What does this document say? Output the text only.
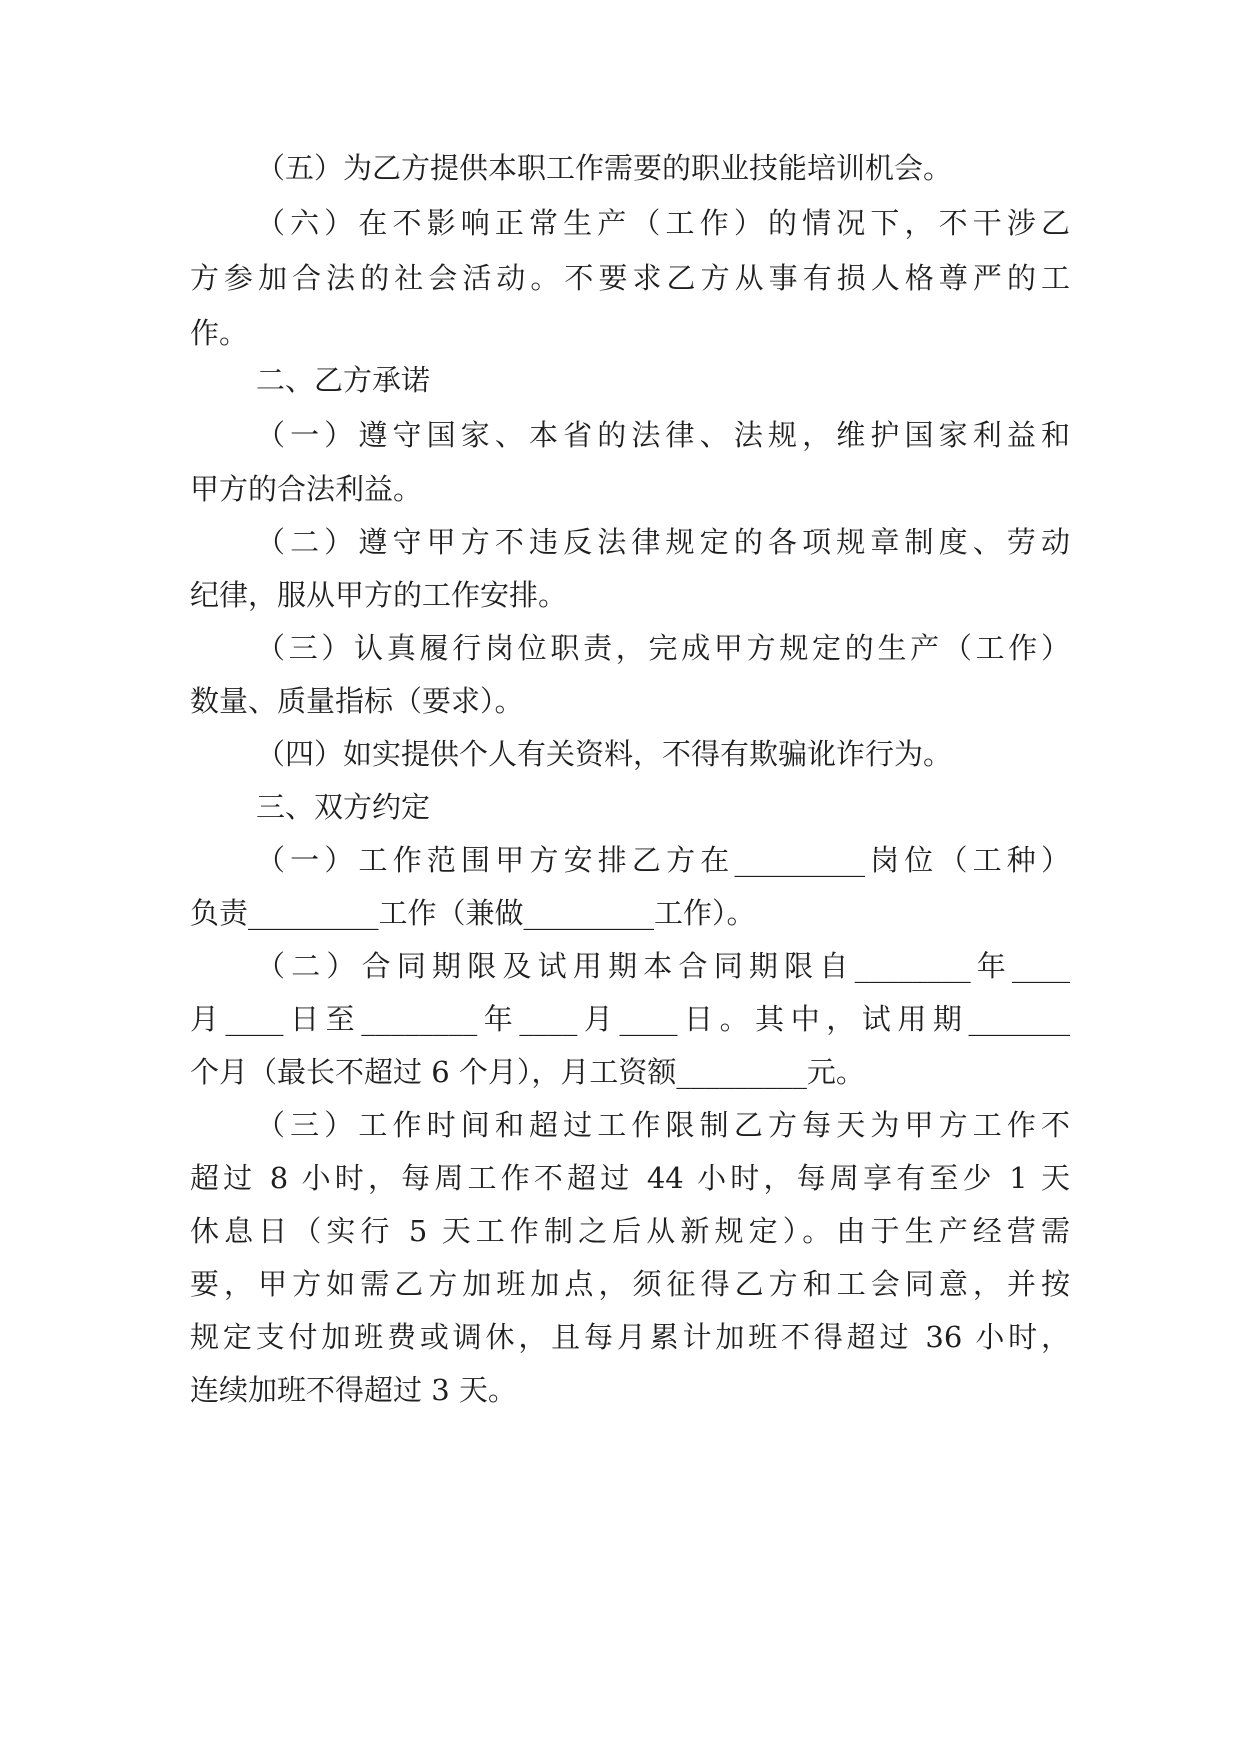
（五）为乙方提供本职工作需要的职业技能培训机会。
（六）在不影响正常生产（工作）的情况下，不干涉乙
方参加合法的社会活动。不要求乙方从事有损人格尊严的工
作。
二、乙方承诺
（一）遵守国家、本省的法律、法规，维护国家利益和
甲方的合法利益。
（二）遵守甲方不违反法律规定的各项规章制度、劳动
纪律，服从甲方的工作安排。
（三）认真履行岗位职责，完成甲方规定的生产（工作）
数量、质量指标（要求）。
（四）如实提供个人有关资料，不得有欺骗讹诈行为。
三、双方约定
（一）工作范围甲方安排乙方在_________岗位（工种）
负责_________工作（兼做_________工作）。
（二）合同期限及试用期本合同期限自________年____
月____日至________年____月____日。其中，试用期_______
个月（最长不超过 6 个月），月工资额_________元。
（三）工作时间和超过工作限制乙方每天为甲方工作不
超过 8 小时，每周工作不超过 44 小时，每周享有至少 1 天
休息日（实行 5 天工作制之后从新规定）。由于生产经营需
要，甲方如需乙方加班加点，须征得乙方和工会同意，并按
规定支付加班费或调休，且每月累计加班不得超过 36 小时，
连续加班不得超过 3 天。
